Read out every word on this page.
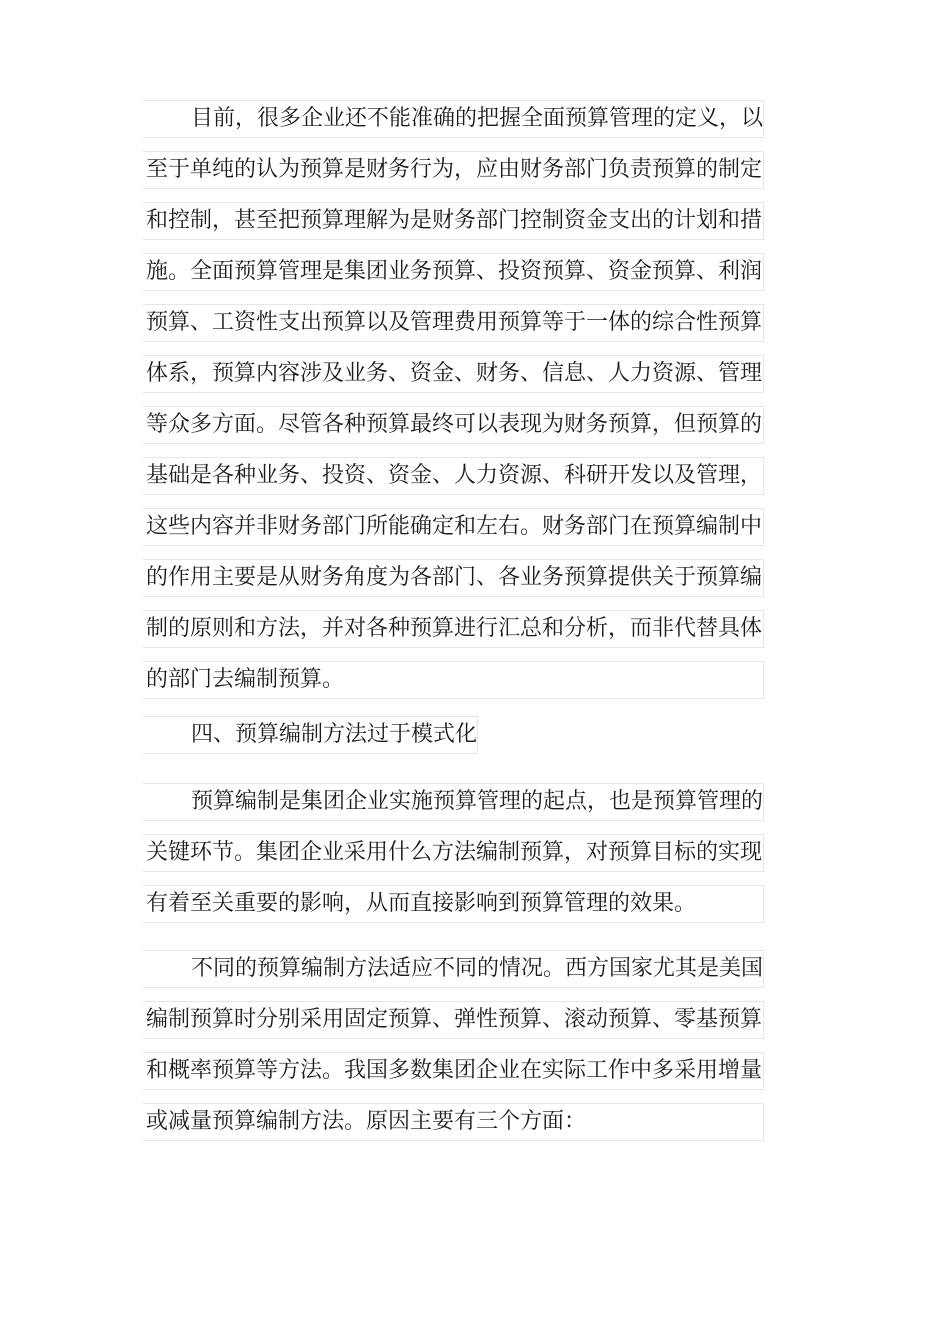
目前，很多企业还不能准确的把握全面预算管理的定义，以
至于单纯的认为预算是财务行为，应由财务部门负责预算的制定
和控制，甚至把预算理解为是财务部门控制资金支出的计划和措
施。全面预算管理是集团业务预算、投资预算、资金预算、利润
预算、工资性支出预算以及管理费用预算等于一体的综合性预算
体系，预算内容涉及业务、资金、财务、信息、人力资源、管理
等众多方面。尽管各种预算最终可以表现为财务预算，但预算的
基础是各种业务、投资、资金、人力资源、科研开发以及管理，
这些内容并非财务部门所能确定和左右。财务部门在预算编制中
的作用主要是从财务角度为各部门、各业务预算提供关于预算编
制的原则和方法，并对各种预算进行汇总和分析，而非代替具体
的部门去编制预算。
四、预算编制方法过于模式化
预算编制是集团企业实施预算管理的起点，也是预算管理的
关键环节。集团企业采用什么方法编制预算，对预算目标的实现
有着至关重要的影响，从而直接影响到预算管理的效果。
不同的预算编制方法适应不同的情况。西方国家尤其是美国
编制预算时分别采用固定预算、弹性预算、滚动预算、零基预算
和概率预算等方法。我国多数集团企业在实际工作中多采用增量
或减量预算编制方法。原因主要有三个方面：
